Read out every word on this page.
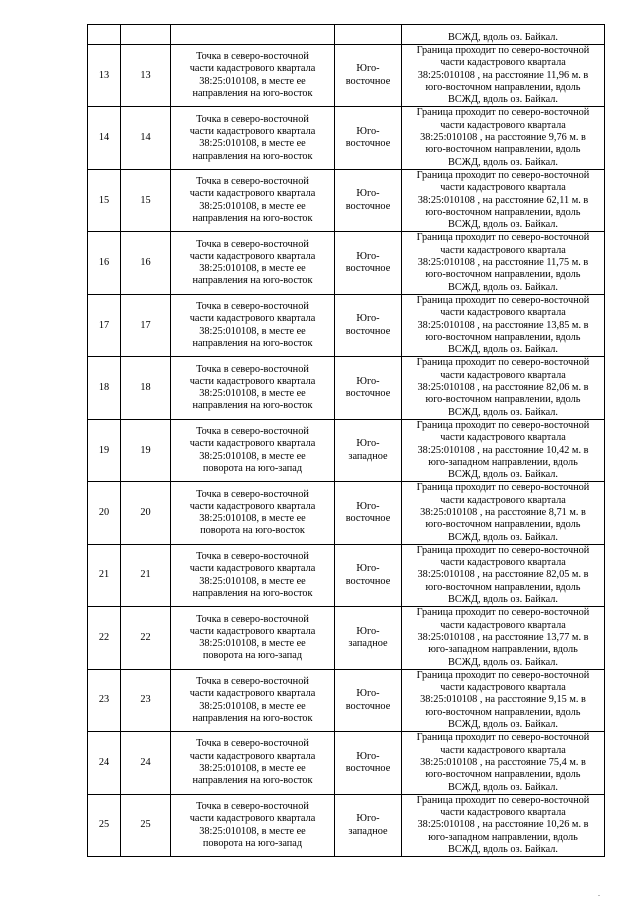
				ВСЖД, вдоль оз. Байкал.
13	13	Точка в северо-восточной
части кадастрового квартала
38:25:010108, в месте ее
направления на юго-восток	Юго-
восточное	Граница проходит по северо-восточной
части кадастрового квартала
38:25:010108 , на расстояние 11,96 м. в
юго-восточном направлении, вдоль
ВСЖД, вдоль оз. Байкал.

14	14	Точка в северо-восточной
части кадастрового квартала
38:25:010108, в месте ее
направления на юго-восток	Юго-
восточное	Граница проходит по северо-восточной
части кадастрового квартала
38:25:010108 , на расстояние 9,76 м. в
юго-восточном направлении, вдоль
ВСЖД, вдоль оз. Байкал.

15	15	Точка в северо-восточной
части кадастрового квартала
38:25:010108, в месте ее
направления на юго-восток	Юго-
восточное	Граница проходит по северо-восточной
части кадастрового квартала
38:25:010108 , на расстояние 62,11 м. в
юго-восточном направлении, вдоль
ВСЖД, вдоль оз. Байкал.

16	16	Точка в северо-восточной
части кадастрового квартала
38:25:010108, в месте ее
направления на юго-восток	Юго-
восточное	Граница проходит по северо-восточной
части кадастрового квартала
38:25:010108 , на расстояние 11,75 м. в
юго-восточном направлении, вдоль
ВСЖД, вдоль оз. Байкал.

17	17	Точка в северо-восточной
части кадастрового квартала
38:25:010108, в месте ее
направления на юго-восток	Юго-
восточное	Граница проходит по северо-восточной
части кадастрового квартала
38:25:010108 , на расстояние 13,85 м. в
юго-восточном направлении, вдоль
ВСЖД, вдоль оз. Байкал.

18	18	Точка в северо-восточной
части кадастрового квартала
38:25:010108, в месте ее
направления на юго-восток	Юго-
восточное	Граница проходит по северо-восточной
части кадастрового квартала
38:25:010108 , на расстояние 82,06 м. в
юго-восточном направлении, вдоль
ВСЖД, вдоль оз. Байкал.

19	19	Точка в северо-восточной
части кадастрового квартала
38:25:010108, в месте ее
поворота на юго-запад	Юго-
западное	Граница проходит по северо-восточной
части кадастрового квартала
38:25:010108 , на расстояние 10,42 м. в
юго-западном направлении, вдоль
ВСЖД, вдоль оз. Байкал.

20	20	Точка в северо-восточной
части кадастрового квартала
38:25:010108, в месте ее
поворота на юго-восток	Юго-
восточное	Граница проходит по северо-восточной
части кадастрового квартала
38:25:010108 , на расстояние 8,71 м. в
юго-восточном направлении, вдоль
ВСЖД, вдоль оз. Байкал.

21	21	Точка в северо-восточной
части кадастрового квартала
38:25:010108, в месте ее
направления на юго-восток	Юго-
восточное	Граница проходит по северо-восточной
части кадастрового квартала
38:25:010108 , на расстояние 82,05 м. в
юго-восточном направлении, вдоль
ВСЖД, вдоль оз. Байкал.

22	22	Точка в северо-восточной
части кадастрового квартала
38:25:010108, в месте ее
поворота на юго-запад	Юго-
западное	Граница проходит по северо-восточной
части кадастрового квартала
38:25:010108 , на расстояние 13,77 м. в
юго-западном направлении, вдоль
ВСЖД, вдоль оз. Байкал.

23	23	Точка в северо-восточной
части кадастрового квартала
38:25:010108, в месте ее
направления на юго-восток	Юго-
восточное	Граница проходит по северо-восточной
части кадастрового квартала
38:25:010108 , на расстояние 9,15 м. в
юго-восточном направлении, вдоль
ВСЖД, вдоль оз. Байкал.

24	24	Точка в северо-восточной
части кадастрового квартала
38:25:010108, в месте ее
направления на юго-восток	Юго-
восточное	Граница проходит по северо-восточной
части кадастрового квартала
38:25:010108 , на расстояние 75,4 м. в
юго-восточном направлении, вдоль
ВСЖД, вдоль оз. Байкал.

25	25	Точка в северо-восточной
части кадастрового квартала
38:25:010108, в месте ее
поворота на юго-запад	Юго-
западное	Граница проходит по северо-восточной
части кадастрового квартала
38:25:010108 , на расстояние 10,26 м. в
юго-западном направлении, вдоль
ВСЖД, вдоль оз. Байкал.
